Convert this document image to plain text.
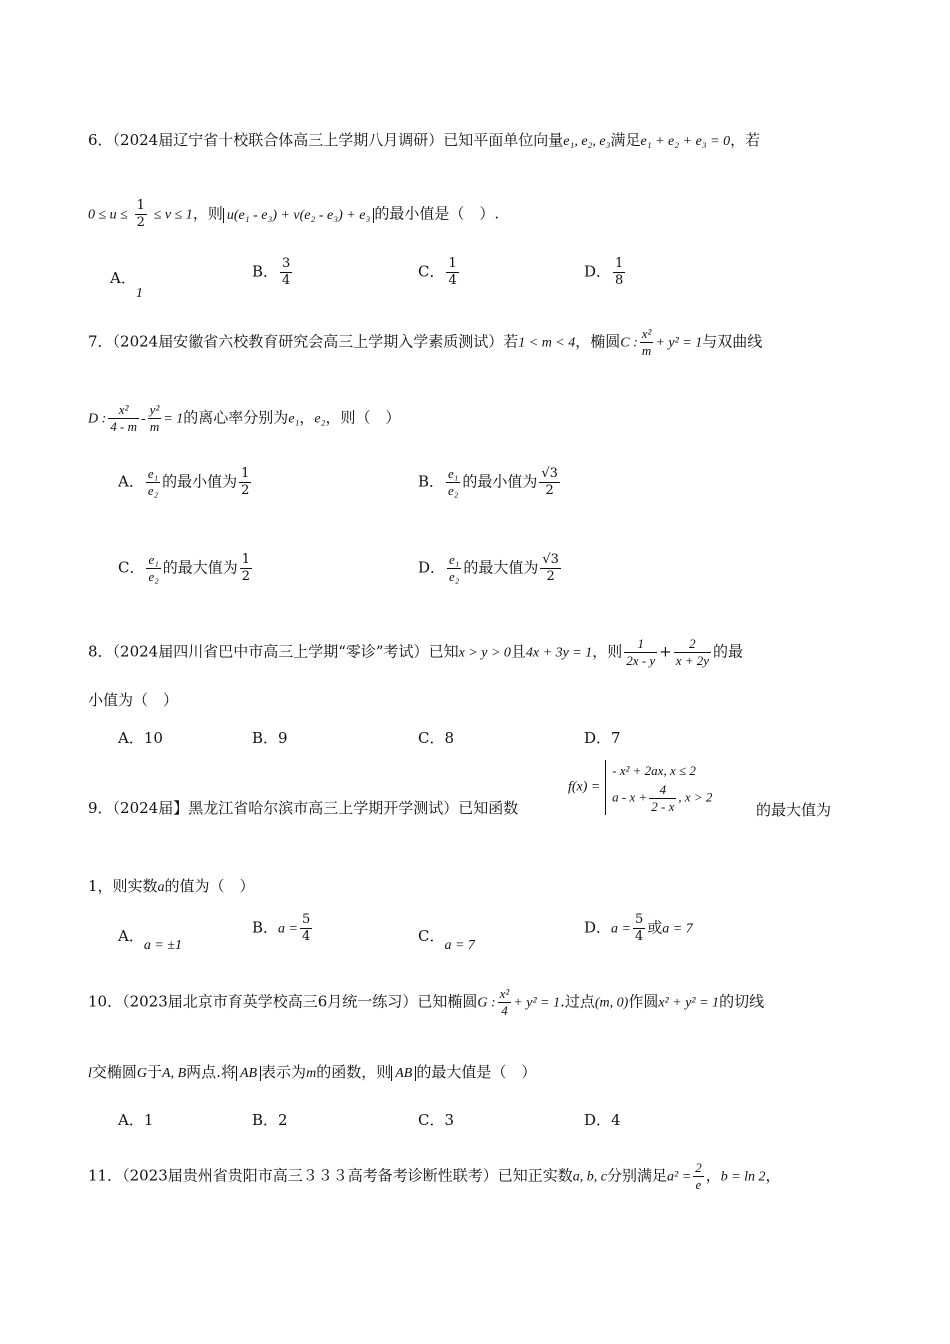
6．（2024届辽宁省十校联合体高三上学期八月调研）已知平面单位向量e₁, e₂, e₃满足e₁ + e₂ + e₃ = 0，若
$0 \le u \le \frac{1}{2} \le v \le 1$，则 u(e₁ - e₃) + v(e₂ - e₃) + e₃ 的最小值是（　）.
A．1
B． $\frac{3}{4}$	C． $\frac{1}{4}$	D． $\frac{1}{8}$
7．（2024届安徽省六校教育研究会高三上学期入学素质测试）若1 < m < 4，椭圆C : $\frac{\text{x²}}{m} + y^2 = 1$与双曲线
D : $\frac{\text{x²}}{4 - m} - \frac{\text{y²}}{m} = 1$的离心率分别为e₁，e₂，则（　）
A． $\frac{\text{e₁}}{\text{e₂}}$ 的最小值为 $\frac{1}{2}$	B． $\frac{\text{e₁}}{\text{e₂}}$ 的最小值为 $\frac{√3}{2}$
C． $\frac{\text{e₁}}{\text{e₂}}$ 的最大值为 $\frac{1}{2}$	D． $\frac{\text{e₁}}{\text{e₂}}$ 的最大值为 $\frac{√3}{2}$
8．（2024届四川省巴中市高三上学期“零诊”考试）已知x > y > 0且4x + 3y = 1，则 $\frac{1}{2x - y} + \frac{2}{x + 2y}$ 的最
小值为（　）
A．10	B．9	C．8	D．7
9．（2024届】黑龙江省哈尔滨市高三上学期开学测试）已知函数
f(x) =
- x² + 2ax, x ≤ 2
$a - x + \frac{4}{2 - x}$ , x > 2
的最大值为
1，则实数a的值为（　）
A．a = ±1
B．$a = \frac{5}{4}$	C．a = 7
D．$a = \frac{5}{4}$ 或a = 7
10．（2023届北京市育英学校高三6月统一练习）已知椭圆G : $\frac{\text{x²}}{4} + y^2 = 1$.过点(m, 0)作圆x² + y² = 1的切线
l交椭圆G于A, B两点.将 AB 表示为m的函数，则 AB 的最大值是（　）
A．1	B．2	C．3	D．4
11．（2023届贵州省贵阳市高三３３３高考备考诊断性联考）已知正实数a, b, c分别满足$a^2 = \frac{2}{e}$ ，b = ln 2，
